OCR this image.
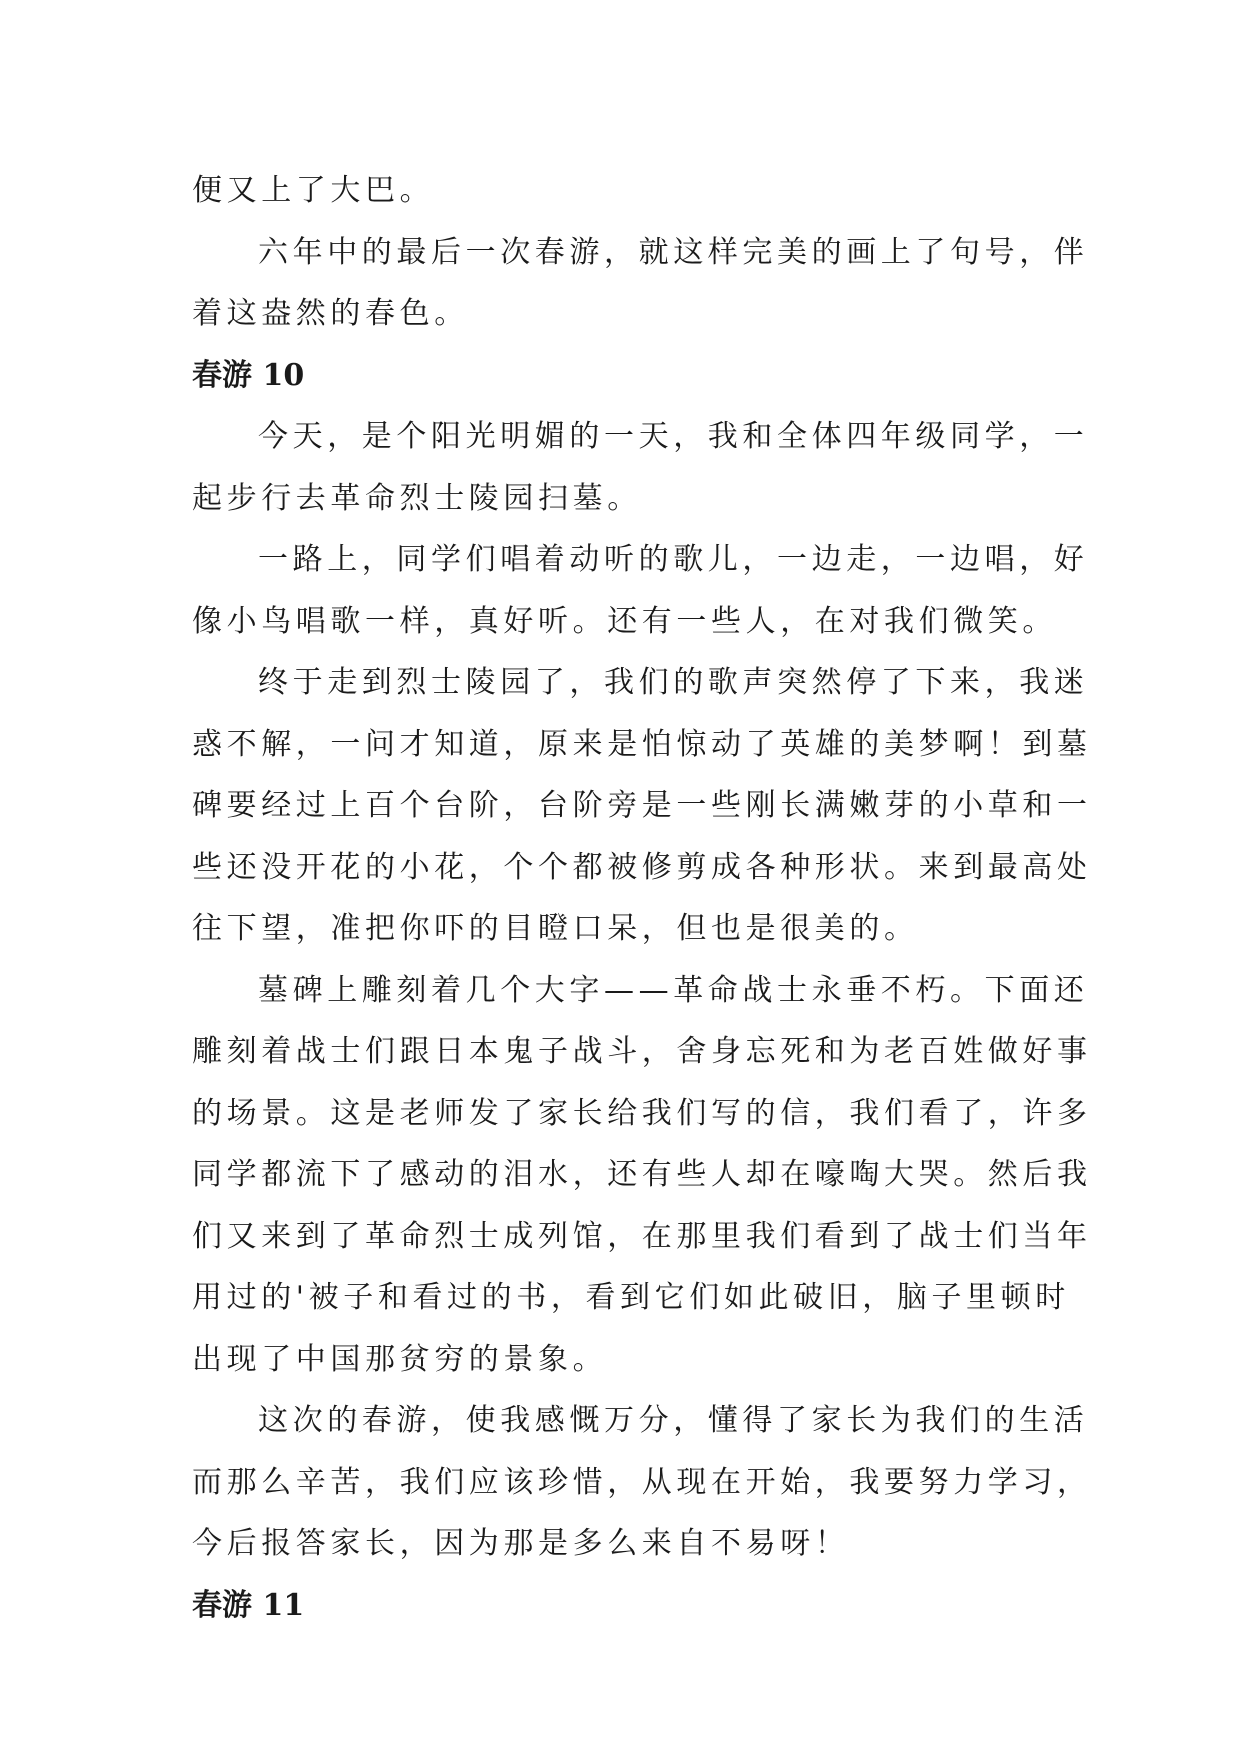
便又上了大巴。

六年中的最后一次春游，就这样完美的画上了句号，伴
着这盎然的春色。

春游 10

今天，是个阳光明媚的一天，我和全体四年级同学，一
起步行去革命烈士陵园扫墓。

一路上，同学们唱着动听的歌儿，一边走，一边唱，好
像小鸟唱歌一样，真好听。还有一些人，在对我们微笑。

终于走到烈士陵园了，我们的歌声突然停了下来，我迷
惑不解，一问才知道，原来是怕惊动了英雄的美梦啊！到墓
碑要经过上百个台阶，台阶旁是一些刚长满嫩芽的小草和一
些还没开花的小花，个个都被修剪成各种形状。来到最高处
往下望，准把你吓的目瞪口呆，但也是很美的。

墓碑上雕刻着几个大字——革命战士永垂不朽。下面还
雕刻着战士们跟日本鬼子战斗，舍身忘死和为老百姓做好事
的场景。这是老师发了家长给我们写的信，我们看了，许多
同学都流下了感动的泪水，还有些人却在嚎啕大哭。然后我
们又来到了革命烈士成列馆，在那里我们看到了战士们当年
用过的'被子和看过的书，看到它们如此破旧，脑子里顿时
出现了中国那贫穷的景象。

这次的春游，使我感慨万分，懂得了家长为我们的生活
而那么辛苦，我们应该珍惜，从现在开始，我要努力学习，
今后报答家长，因为那是多么来自不易呀！

春游 11
